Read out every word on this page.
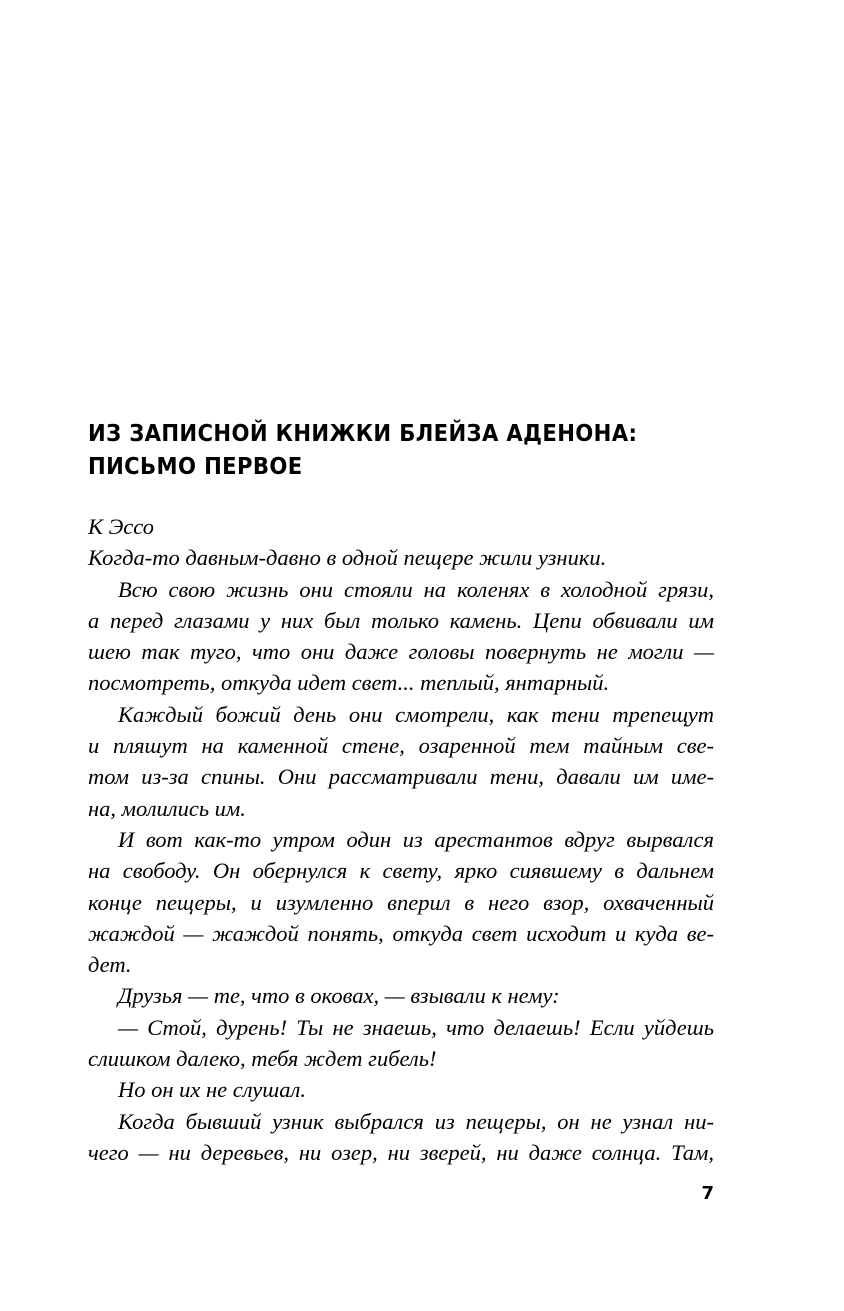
ИЗ ЗАПИСНОЙ КНИЖКИ БЛЕЙЗА АДЕНОНА:
ПИСЬМО ПЕРВОЕ
К Эссо
Когда-то давным-давно в одной пещере жили узники.
Всю свою жизнь они стояли на коленях в холодной грязи,
а перед глазами у них был только камень. Цепи обвивали им
шею так туго, что они даже головы повернуть не могли —
посмотреть, откуда идет свет... теплый, янтарный.
Каждый божий день они смотрели, как тени трепещут
и пляшут на каменной стене, озаренной тем тайным све-
том из-за спины. Они рассматривали тени, давали им име-
на, молились им.
И вот как-то утром один из арестантов вдруг вырвался
на свободу. Он обернулся к свету, ярко сиявшему в дальнем
конце пещеры, и изумленно вперил в него взор, охваченный
жаждой — жаждой понять, откуда свет исходит и куда ве-
дет.
Друзья — те, что в оковах, — взывали к нему:
— Стой, дурень! Ты не знаешь, что делаешь! Если уйдешь
слишком далеко, тебя ждет гибель!
Но он их не слушал.
Когда бывший узник выбрался из пещеры, он не узнал ни-
чего — ни деревьев, ни озер, ни зверей, ни даже солнца. Там,
7
